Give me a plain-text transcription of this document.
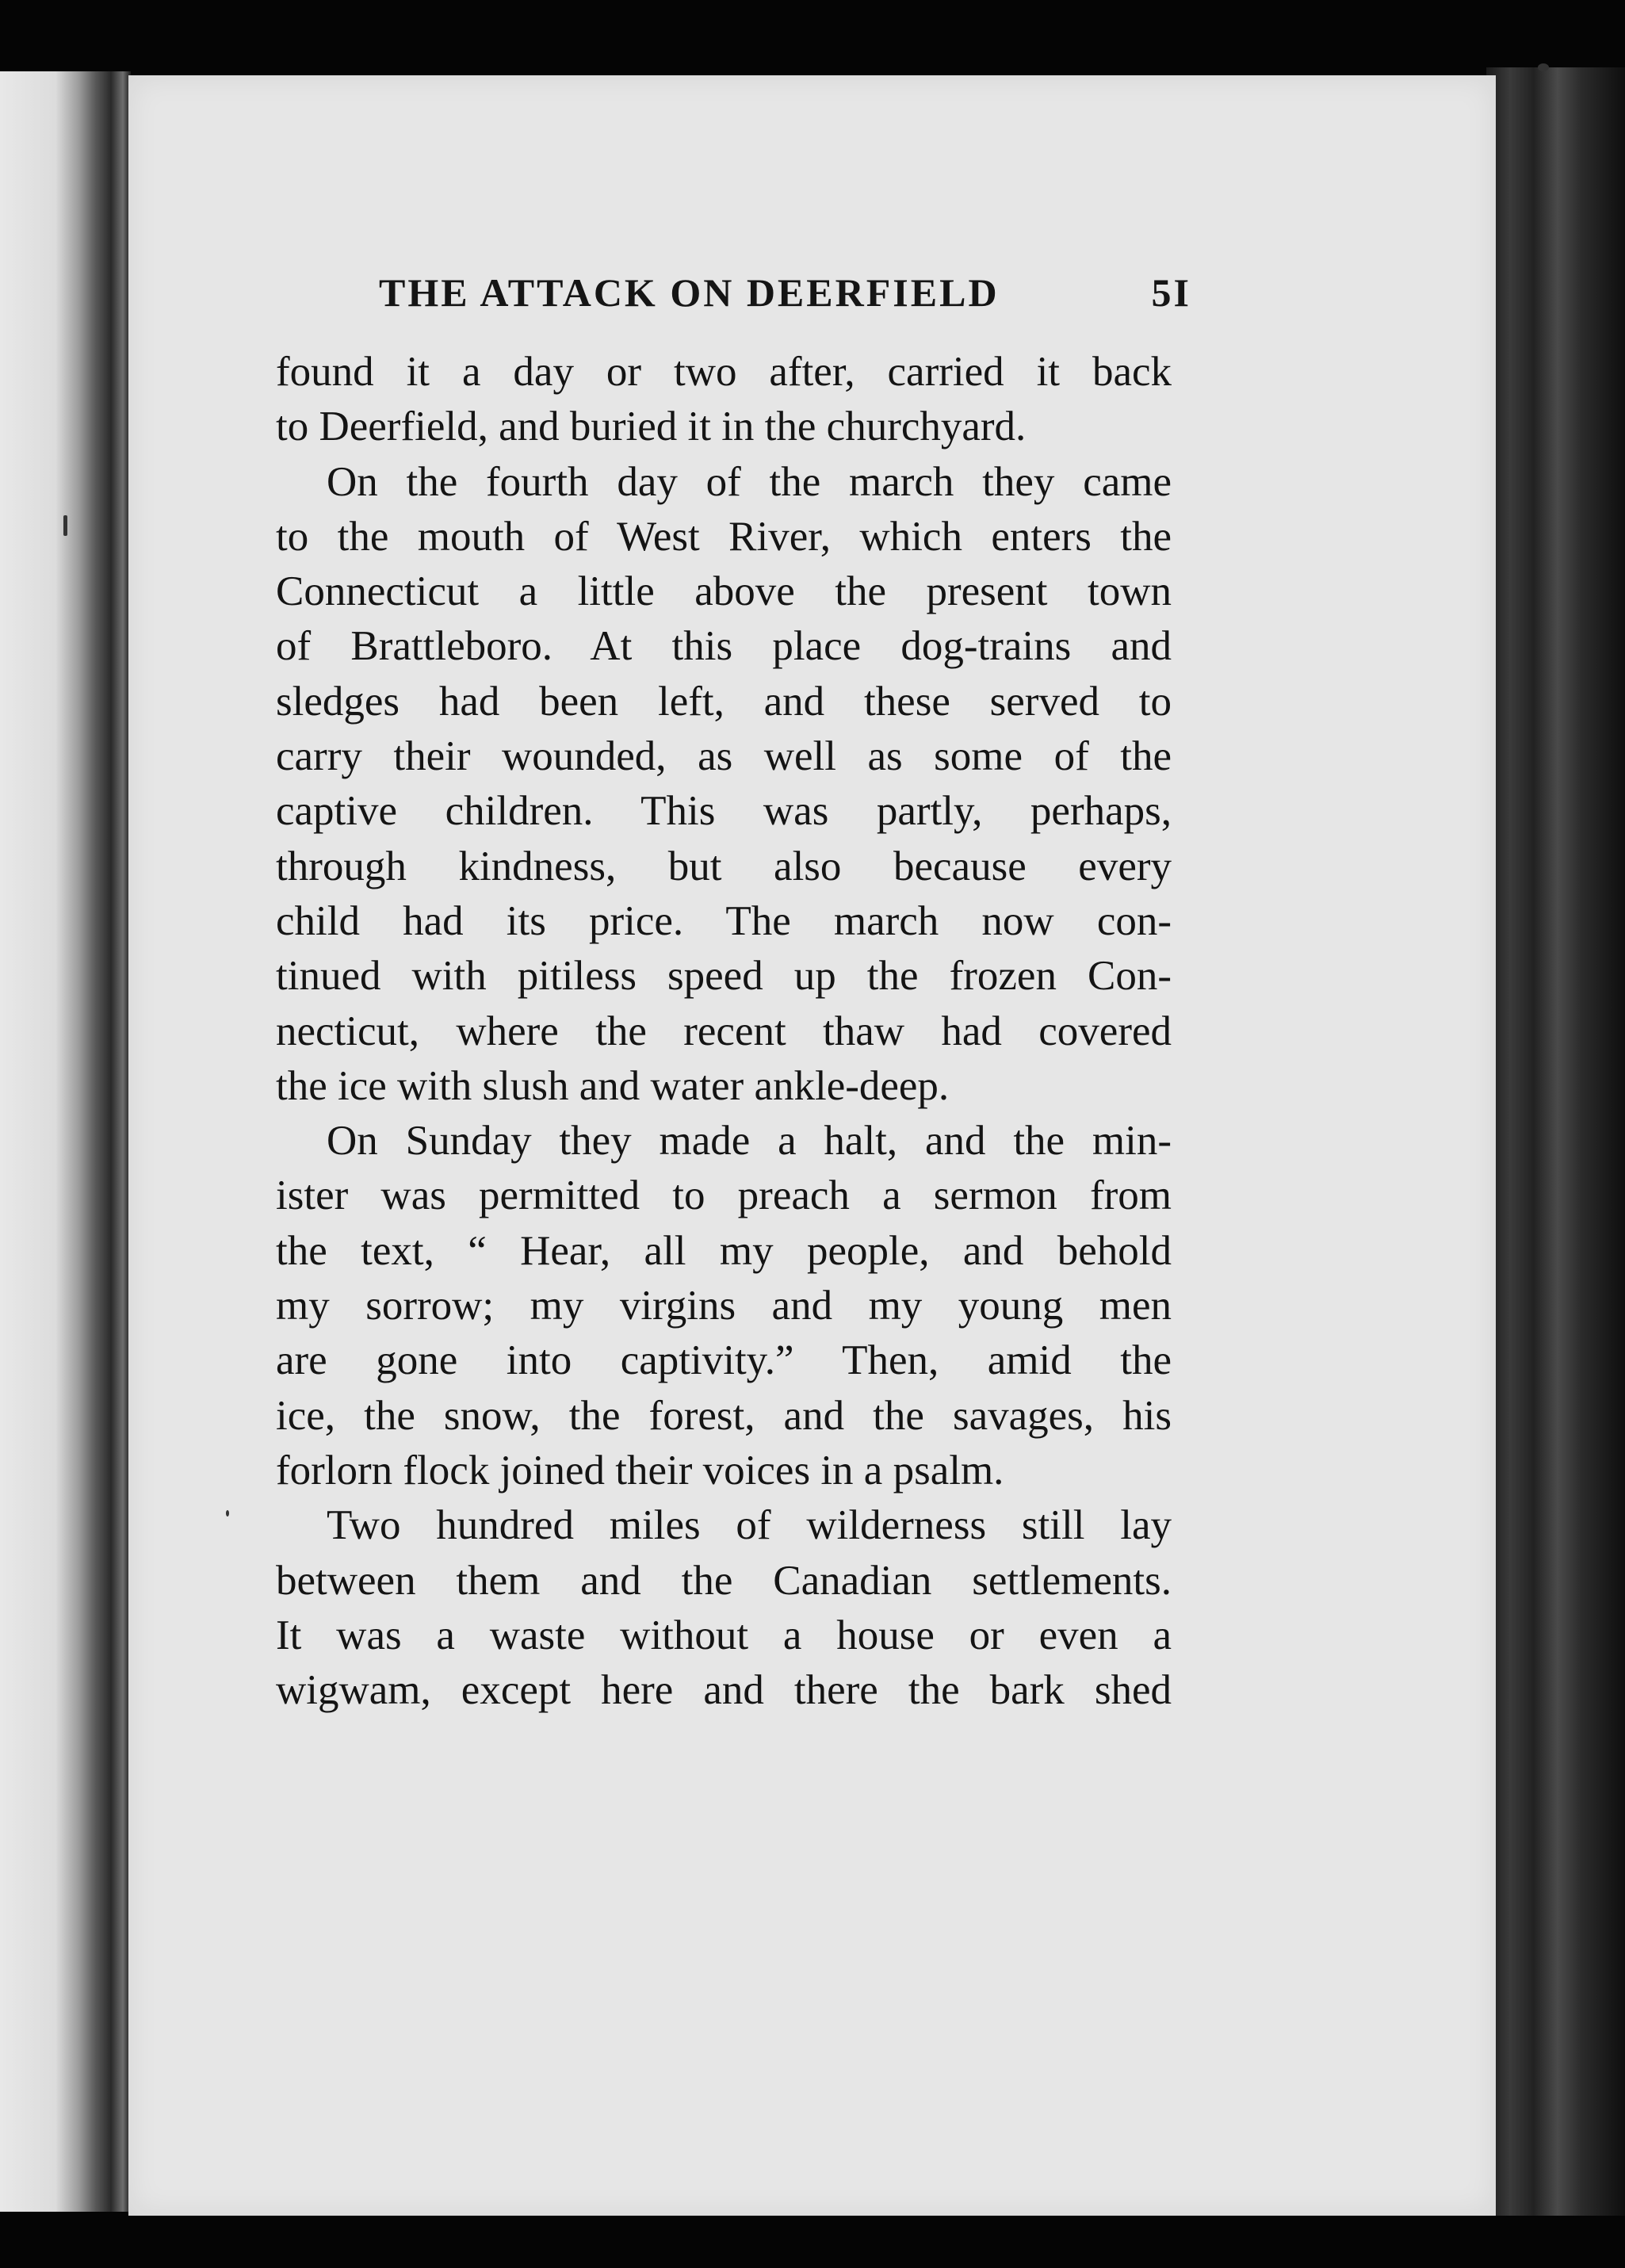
THE ATTACK ON DEERFIELD	5I
found it a day or two after, carried it back
to Deerfield, and buried it in the churchyard.
On the fourth day of the march they came
to the mouth of West River, which enters the
Connecticut a little above the present town
of Brattleboro. At this place dog-trains and
sledges had been left, and these served to
carry their wounded, as well as some of the
captive children. This was partly, perhaps,
through kindness, but also because every
child had its price. The march now con-
tinued with pitiless speed up the frozen Con-
necticut, where the recent thaw had covered
the ice with slush and water ankle-deep.
On Sunday they made a halt, and the min-
ister was permitted to preach a sermon from
the text, “ Hear, all my people, and behold
my sorrow; my virgins and my young men
are gone into captivity.” Then, amid the
ice, the snow, the forest, and the savages, his
forlorn flock joined their voices in a psalm.
Two hundred miles of wilderness still lay
between them and the Canadian settlements.
It was a waste without a house or even a
wigwam, except here and there the bark shed
